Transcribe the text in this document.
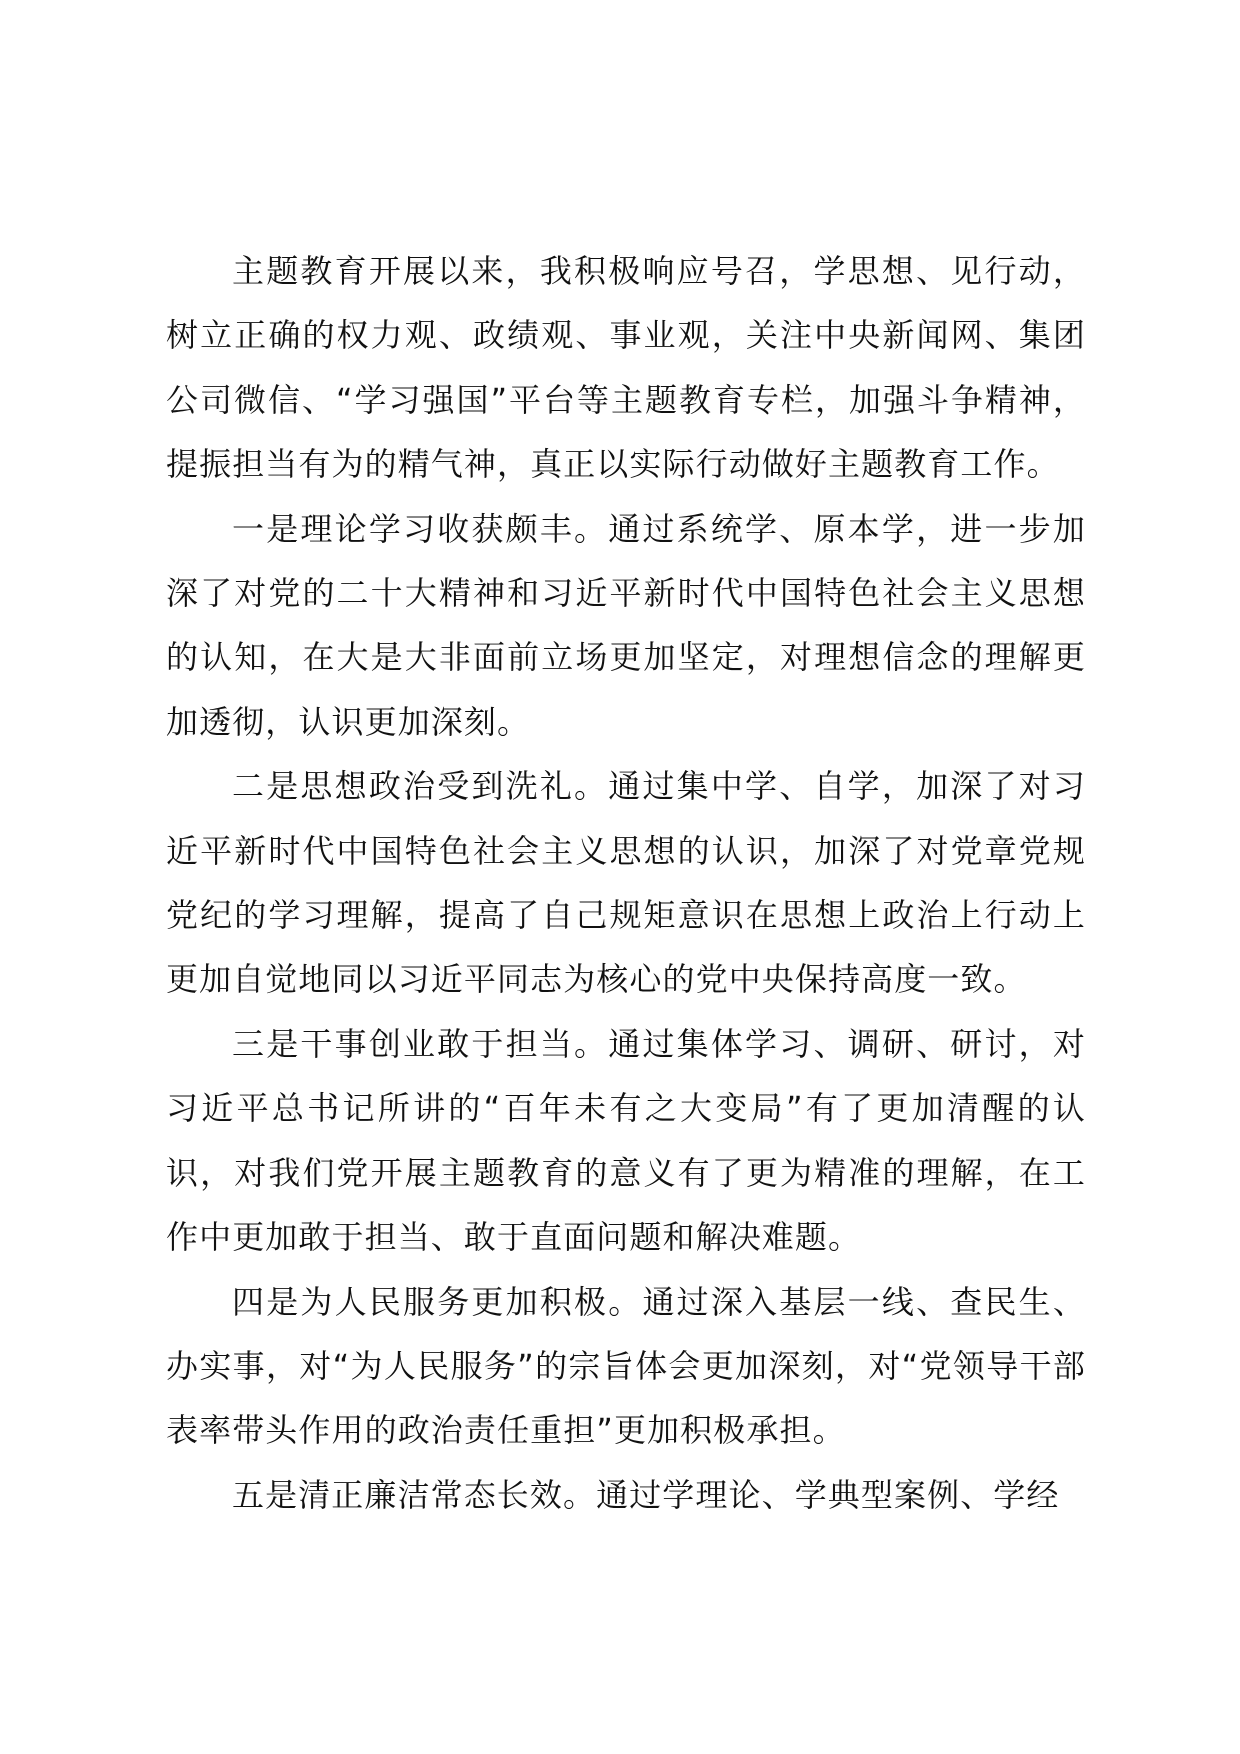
主题教育开展以来，我积极响应号召，学思想、见行动，树立正确的权力观、政绩观、事业观，关注中央新闻网、集团公司微信、“学习强国”平台等主题教育专栏，加强斗争精神，提振担当有为的精气神，真正以实际行动做好主题教育工作。

一是理论学习收获颇丰。通过系统学、原本学，进一步加深了对党的二十大精神和习近平新时代中国特色社会主义思想的认知，在大是大非面前立场更加坚定，对理想信念的理解更加透彻，认识更加深刻。

二是思想政治受到洗礼。通过集中学、自学，加深了对习近平新时代中国特色社会主义思想的认识，加深了对党章党规党纪的学习理解，提高了自己规矩意识在思想上政治上行动上更加自觉地同以习近平同志为核心的党中央保持高度一致。

三是干事创业敢于担当。通过集体学习、调研、研讨，对习近平总书记所讲的“百年未有之大变局”有了更加清醒的认识，对我们党开展主题教育的意义有了更为精准的理解，在工作中更加敢于担当、敢于直面问题和解决难题。

四是为人民服务更加积极。通过深入基层一线、查民生、办实事，对“为人民服务”的宗旨体会更加深刻，对“党领导干部表率带头作用的政治责任重担”更加积极承担。

五是清正廉洁常态长效。通过学理论、学典型案例、学经
